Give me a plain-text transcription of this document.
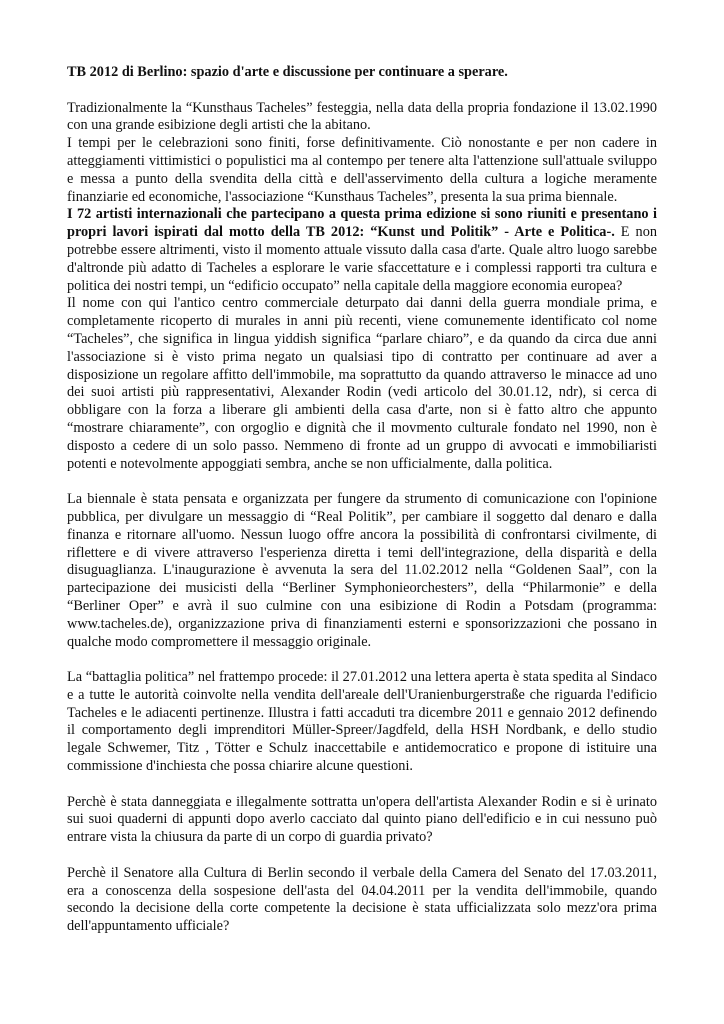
TB 2012 di Berlino: spazio d'arte e discussione per continuare a sperare.

Tradizionalmente la “Kunsthaus Tacheles” festeggia, nella data della propria fondazione il 13.02.1990 con una grande esibizione degli artisti che la abitano.

I tempi per le celebrazioni sono finiti, forse definitivamente. Ciò nonostante e per non cadere in atteggiamenti vittimistici o populistici ma al contempo per tenere alta l'attenzione sull'attuale sviluppo e messa a punto della svendita della città e dell'asservimento della cultura a logiche meramente finanziarie ed economiche, l'associazione “Kunsthaus Tacheles”, presenta la sua prima biennale.

I 72 artisti internazionali che partecipano a questa prima edizione si sono riuniti e presentano i propri lavori ispirati dal motto della TB 2012: “Kunst und Politik” - Arte e Politica-. E non potrebbe essere altrimenti, visto il momento attuale vissuto dalla casa d'arte. Quale altro luogo sarebbe d'altronde più adatto di Tacheles a esplorare le varie sfaccettature e i complessi rapporti tra cultura e politica dei nostri tempi, un “edificio occupato” nella capitale della maggiore economia europea?

Il nome con qui l'antico centro commerciale deturpato dai danni della guerra mondiale prima, e completamente ricoperto di murales in anni più recenti, viene comunemente identificato col nome “Tacheles”, che significa in lingua yiddish significa “parlare chiaro”, e da quando da circa due anni l'associazione si è visto prima negato un qualsiasi tipo di contratto per continuare ad aver a disposizione un regolare affitto dell'immobile, ma soprattutto da quando attraverso le minacce ad uno dei suoi artisti più rappresentativi, Alexander Rodin (vedi articolo del 30.01.12, ndr), si cerca di obbligare con la forza a liberare gli ambienti della casa d'arte, non si è fatto altro che appunto “mostrare chiaramente”, con orgoglio e dignità che il movmento culturale fondato nel 1990, non è disposto a cedere di un solo passo. Nemmeno di fronte ad un gruppo di avvocati e immobiliaristi potenti e notevolmente appoggiati sembra, anche se non ufficialmente, dalla politica.

La biennale è stata pensata e organizzata per fungere da strumento di comunicazione con l'opinione pubblica, per divulgare un messaggio di “Real Politik”, per cambiare il soggetto dal denaro e dalla finanza e ritornare all'uomo. Nessun luogo offre ancora la possibilità di confrontarsi civilmente, di riflettere e di vivere attraverso l'esperienza diretta i temi dell'integrazione, della disparità e della disuguaglianza. L'inaugurazione è avvenuta la sera del 11.02.2012 nella “Goldenen Saal”, con la partecipazione dei musicisti della “Berliner Symphonieorchesters”, della “Philarmonie” e della “Berliner Oper” e avrà il suo culmine con una esibizione di Rodin a Potsdam (programma: www.tacheles.de), organizzazione priva di finanziamenti esterni e sponsorizzazioni che possano in qualche modo compromettere il messaggio originale.

La “battaglia politica” nel frattempo procede: il 27.01.2012 una lettera aperta è stata spedita al Sindaco e a tutte le autorità coinvolte nella vendita dell'areale dell'Uranienburgerstraße che riguarda l'edificio Tacheles e le adiacenti pertinenze. Illustra i fatti accaduti tra dicembre 2011 e gennaio 2012 definendo il comportamento degli imprenditori Müller-Spreer/Jagdfeld, della HSH Nordbank, e dello studio legale Schwemer, Titz , Tötter e Schulz inaccettabile e antidemocratico e propone di istituire una commissione d'inchiesta che possa chiarire alcune questioni.

Perchè è stata danneggiata e illegalmente sottratta un'opera dell'artista Alexander Rodin e si è urinato sui suoi quaderni di appunti dopo averlo cacciato dal quinto piano dell'edificio e in cui nessuno può entrare vista la chiusura da parte di un corpo di guardia privato?

Perchè il Senatore alla Cultura di Berlin secondo il verbale della Camera del Senato del 17.03.2011, era a conoscenza della sospesione dell'asta del 04.04.2011 per la vendita dell'immobile, quando secondo la decisione della corte competente la decisione è stata ufficializzata solo mezz'ora prima dell'appuntamento ufficiale?
